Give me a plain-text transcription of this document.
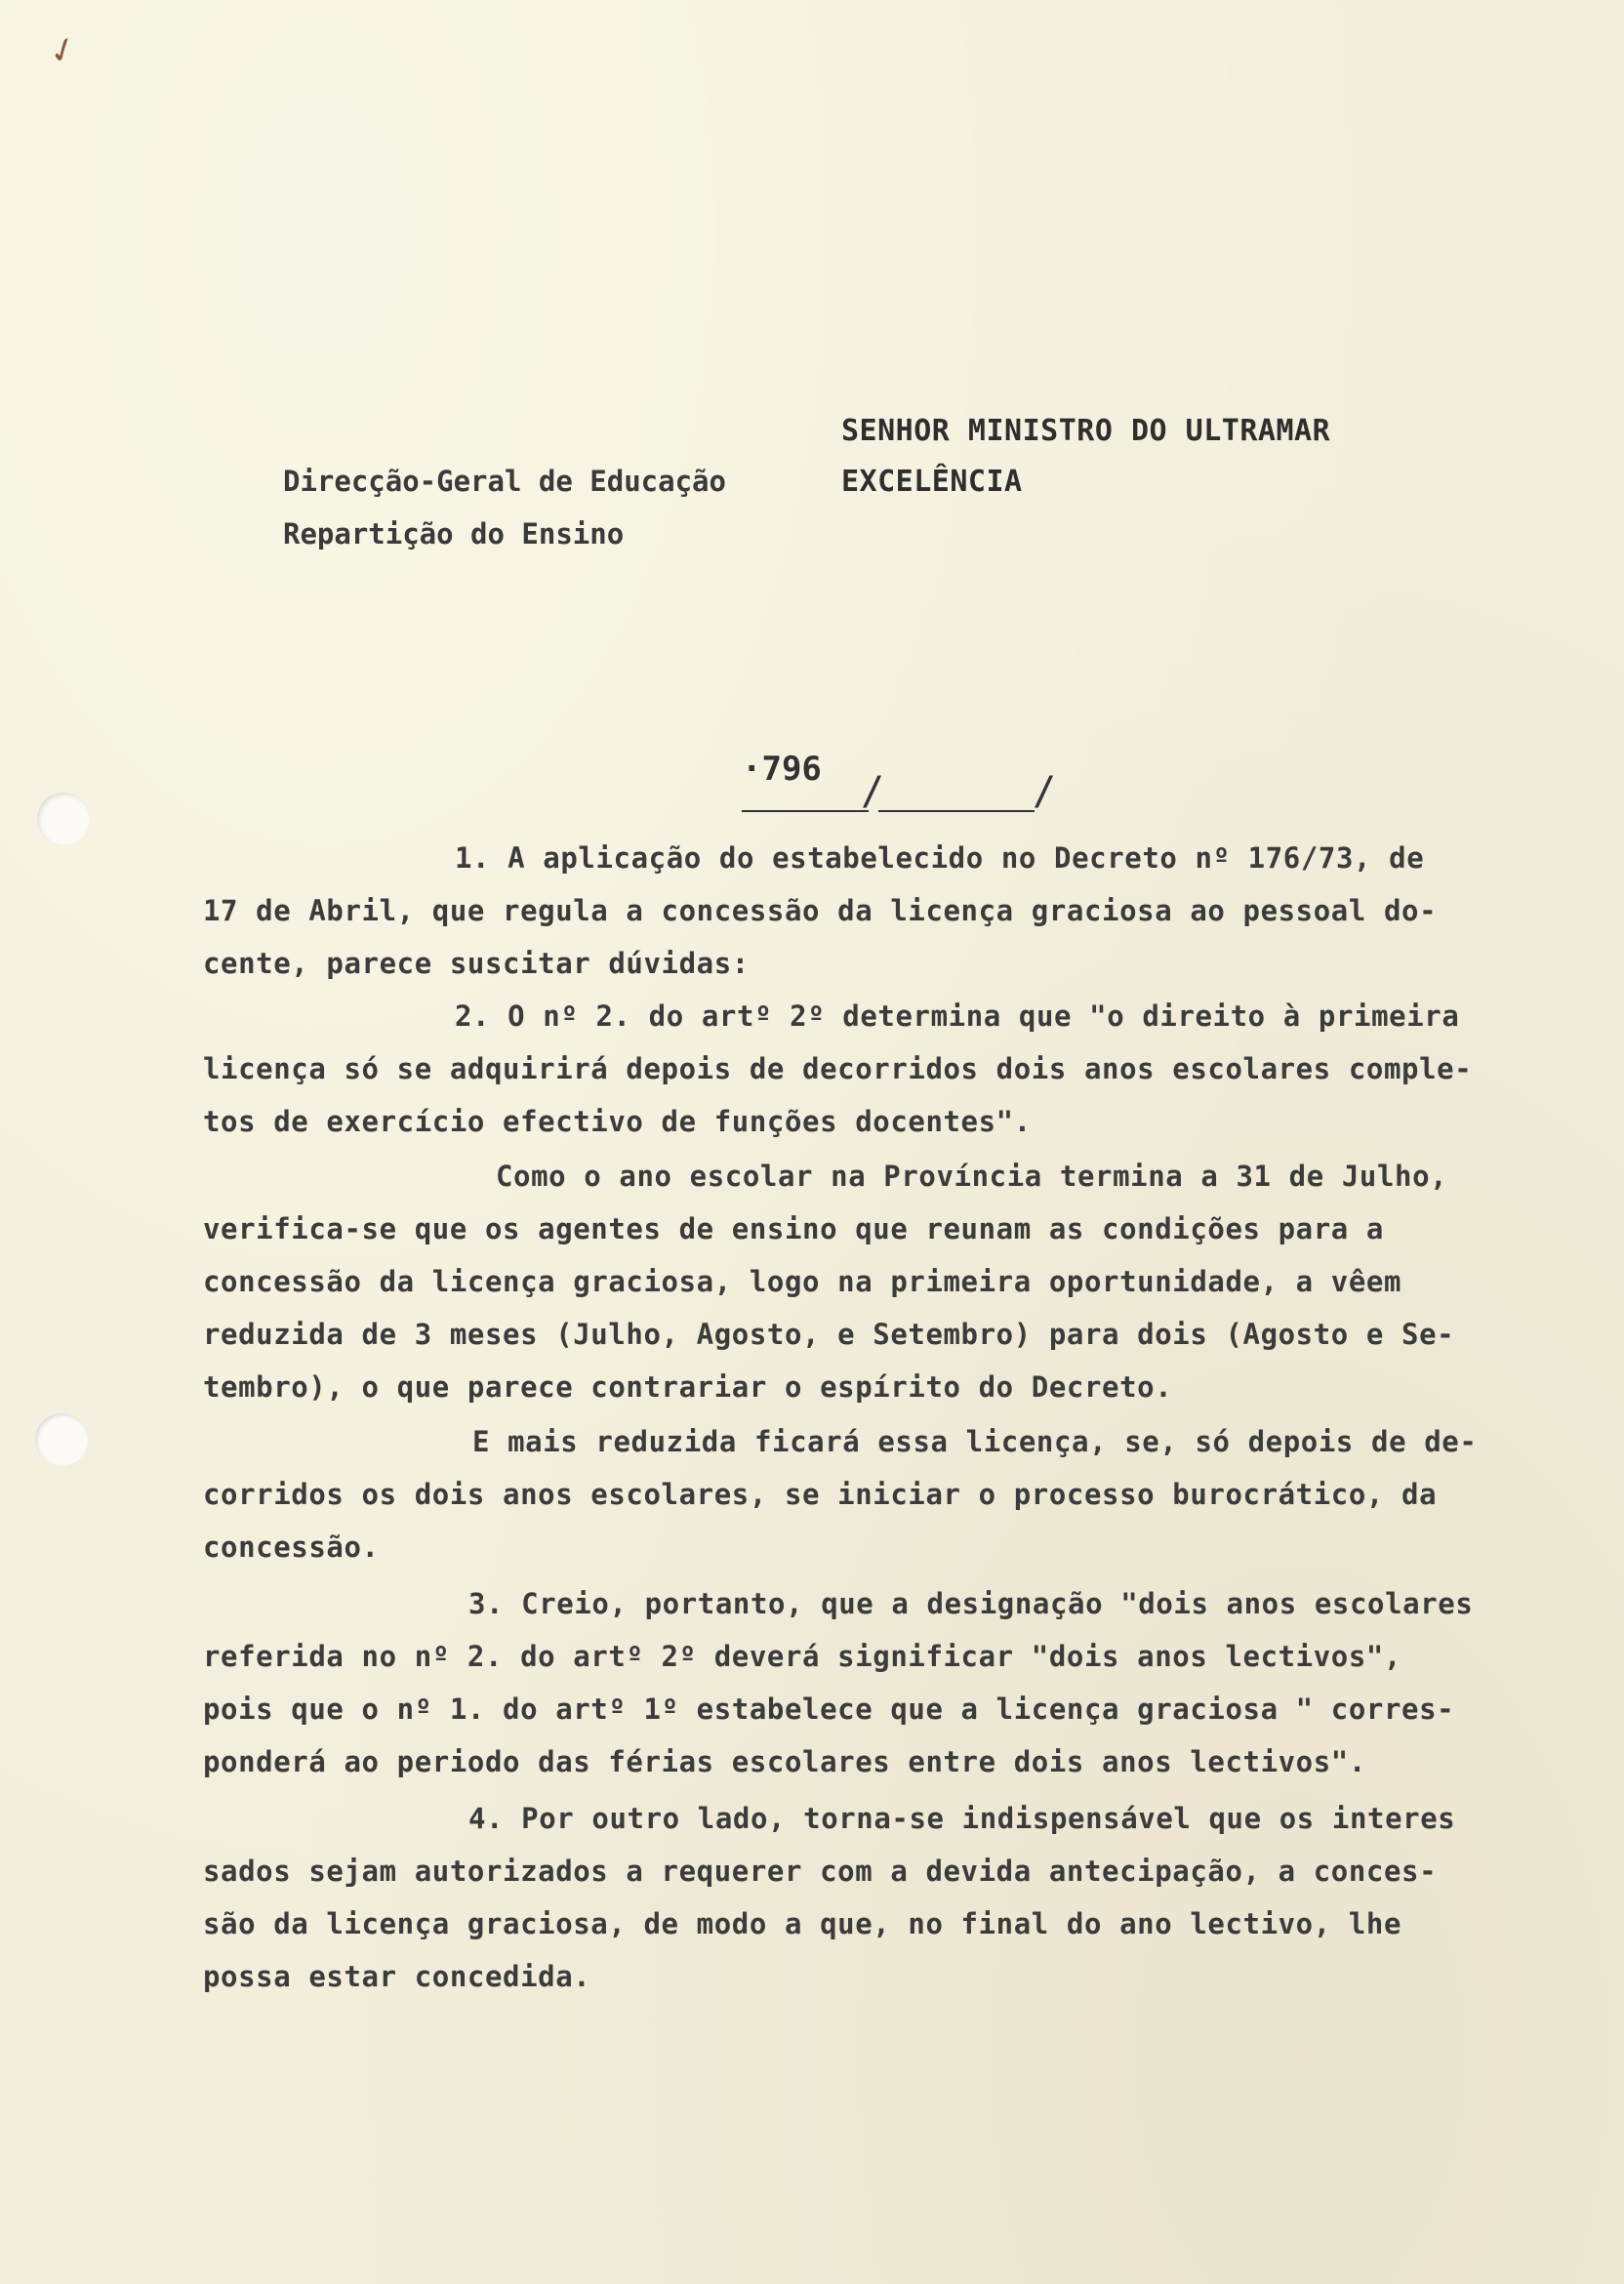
✓
SENHOR MINISTRO DO ULTRAMAR
EXCELÊNCIA
Direcção-Geral de Educação
Repartição do Ensino
·796 /	/
1. A aplicação do estabelecido no Decreto nº 176/73, de
17 de Abril, que regula a concessão da licença graciosa ao pessoal do-
cente, parece suscitar dúvidas:
2. O nº 2. do artº 2º determina que "o direito à primeira
licença só se adquirirá depois de decorridos dois anos escolares comple-
tos de exercício efectivo de funções docentes".
Como o ano escolar na Província termina a 31 de Julho,
verifica-se que os agentes de ensino que reunam as condições para a
concessão da licença graciosa, logo na primeira oportunidade, a vêem
reduzida de 3 meses (Julho, Agosto, e Setembro) para dois (Agosto e Se-
tembro), o que parece contrariar o espírito do Decreto.
E mais reduzida ficará essa licença, se, só depois de de-
corridos os dois anos escolares, se iniciar o processo burocrático, da
concessão.
3. Creio, portanto, que a designação "dois anos escolares
referida no nº 2. do artº 2º deverá significar "dois anos lectivos",
pois que o nº 1. do artº 1º estabelece que a licença graciosa " corres-
ponderá ao periodo das férias escolares entre dois anos lectivos".
4. Por outro lado, torna-se indispensável que os interes
sados sejam autorizados a requerer com a devida antecipação, a conces-
são da licença graciosa, de modo a que, no final do ano lectivo, lhe
possa estar concedida.
